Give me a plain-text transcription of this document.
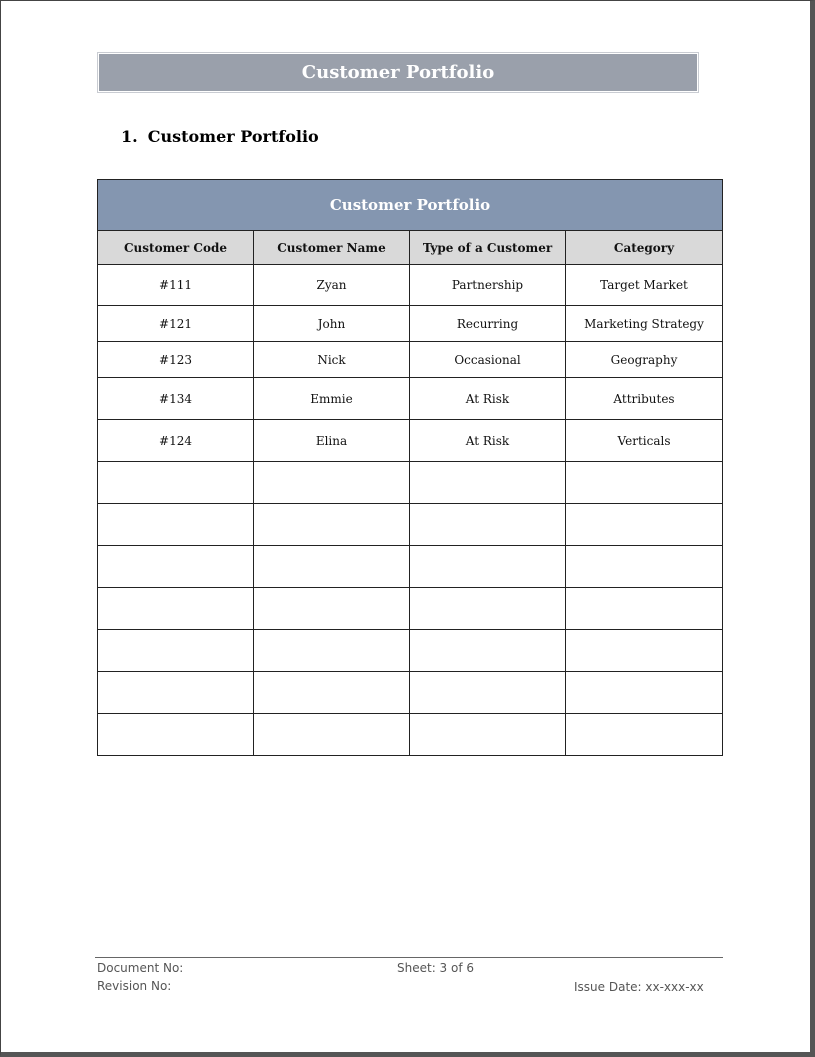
Customer Portfolio
1. Customer Portfolio
Customer Portfolio			
Customer Code	Customer Name	Type of a Customer	Category
#111	Zyan	Partnership	Target Market
#121	John	Recurring	Marketing Strategy
#123	Nick	Occasional	Geography
#134	Emmie	At Risk	Attributes
#124	Elina	At Risk	Verticals

Document No:
Revision No:
Sheet: 3 of 6
Issue Date: xx-xxx-xx
